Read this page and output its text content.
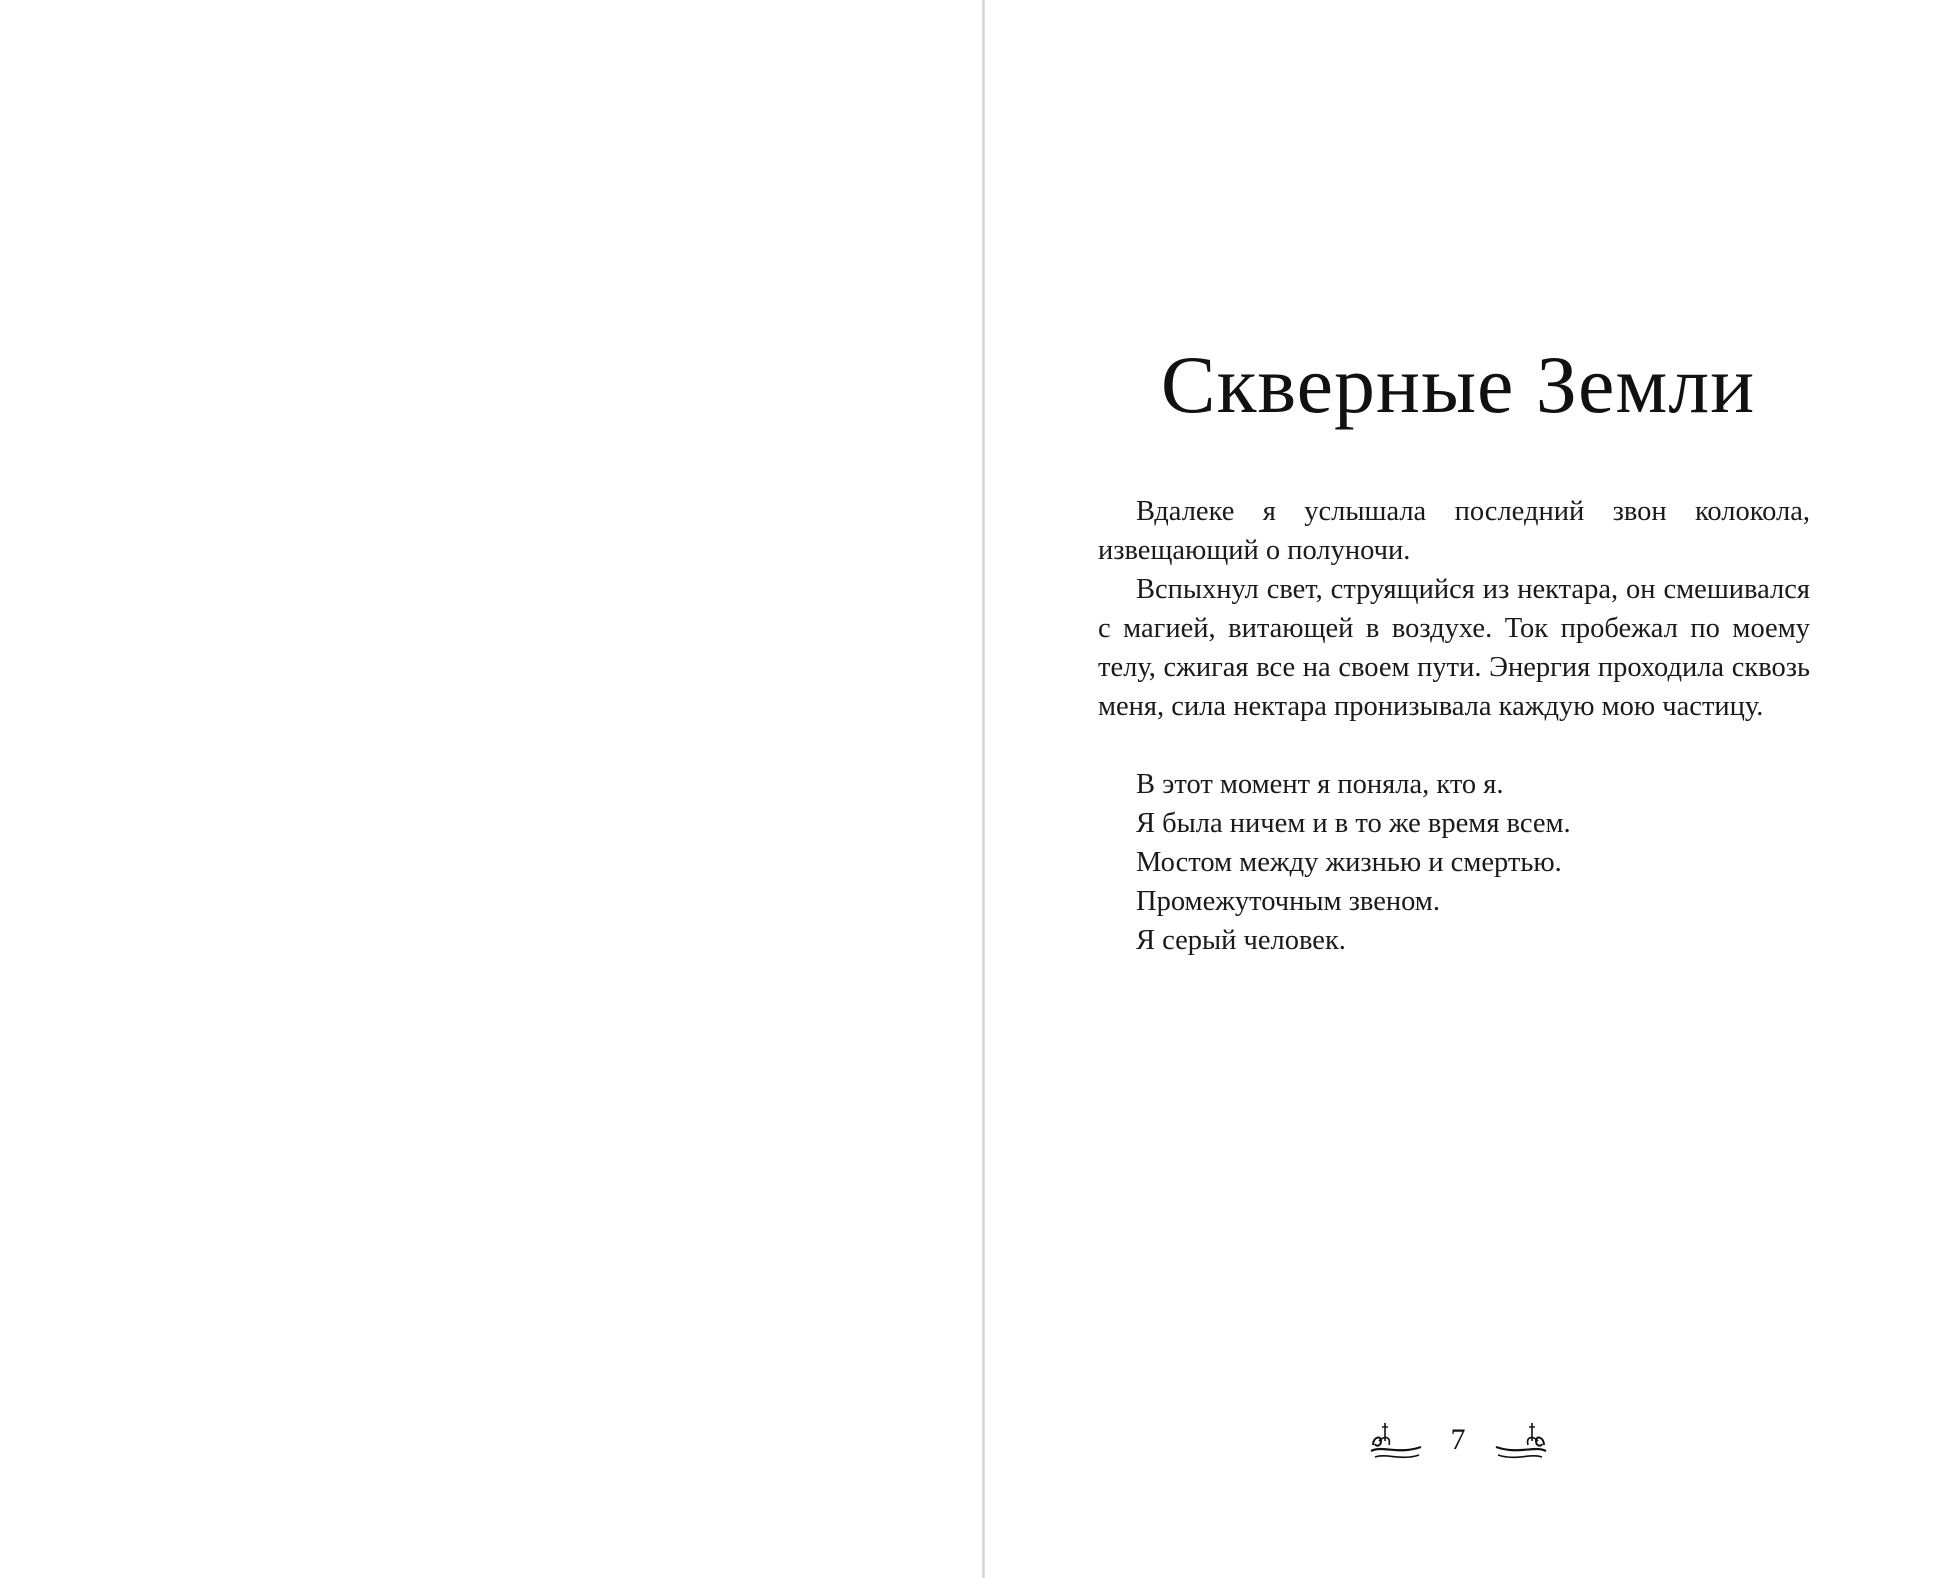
Скверные Земли

Вдалеке я услышала последний звон колокола, извещающий о полуночи.

Вспыхнул свет, струящийся из нектара, он смешивался с магией, витающей в воздухе. Ток пробежал по моему телу, сжигая все на своем пути. Энергия проходила сквозь меня, сила нектара пронизывала каждую мою частицу.

В этот момент я поняла, кто я.

Я была ничем и в то же время всем.

Мостом между жизнью и смертью.

Промежуточным звеном.

Я серый человек.

7
